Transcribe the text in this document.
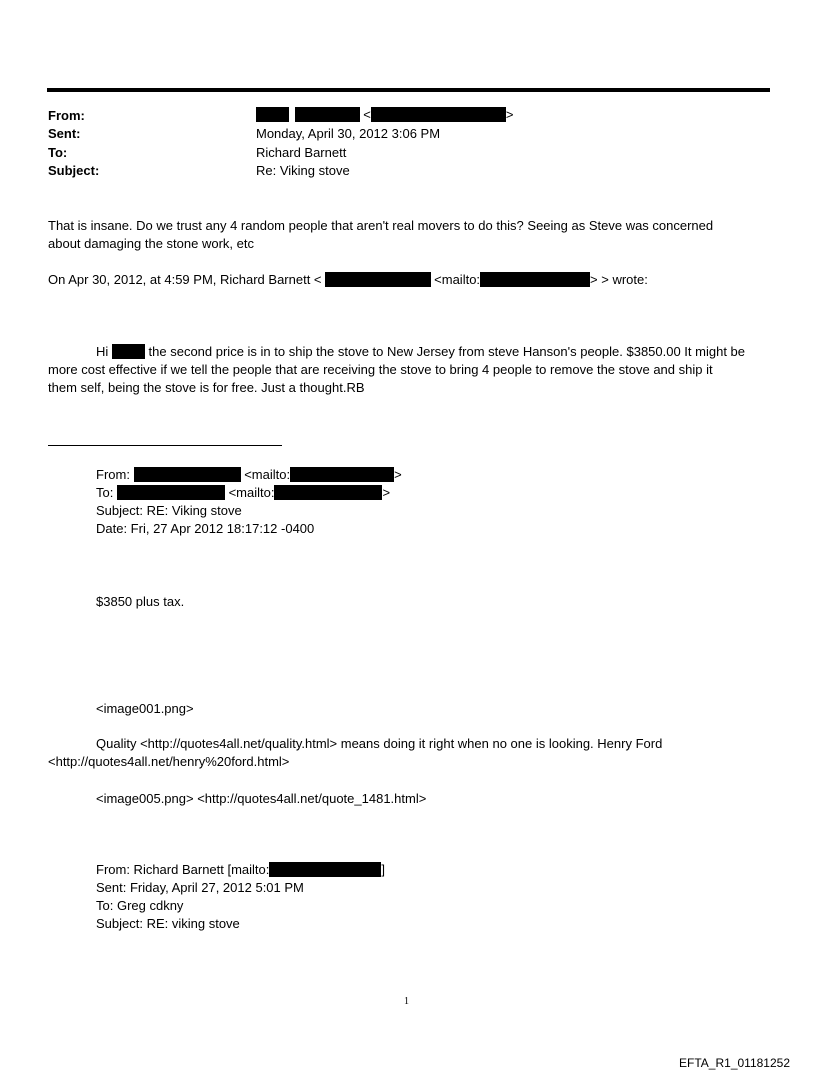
From:	<	>
Sent:	Monday, April 30, 2012 3:06 PM
To:	Richard Barnett
Subject:	Re: Viking stove
That is insane. Do we trust any 4 random people that aren't real movers to do this? Seeing as Steve was concerned
about damaging the stone work, etc
On Apr 30, 2012, at 4:59 PM, Richard Barnett <	<mailto:	> > wrote:
Hi	the second price is in to ship the stove to New Jersey from steve Hanson's people. $3850.00 It might be
more cost effective if we tell the people that are receiving the stove to bring 4 people to remove the stove and ship it
them self, being the stove is for free. Just a thought.RB
From:	<mailto:	>
To:	<mailto:	>
Subject: RE: Viking stove
Date: Fri, 27 Apr 2012 18:17:12 -0400
$3850 plus tax.
<image001.png>
Quality <http://quotes4all.net/quality.html> means doing it right when no one is looking. Henry Ford
<http://quotes4all.net/henry%20ford.html>
<image005.png> <http://quotes4all.net/quote_1481.html>
From: Richard Barnett [mailto:	]
Sent: Friday, April 27, 2012 5:01 PM
To: Greg cdkny
Subject: RE: viking stove
1
EFTA_R1_01181252
